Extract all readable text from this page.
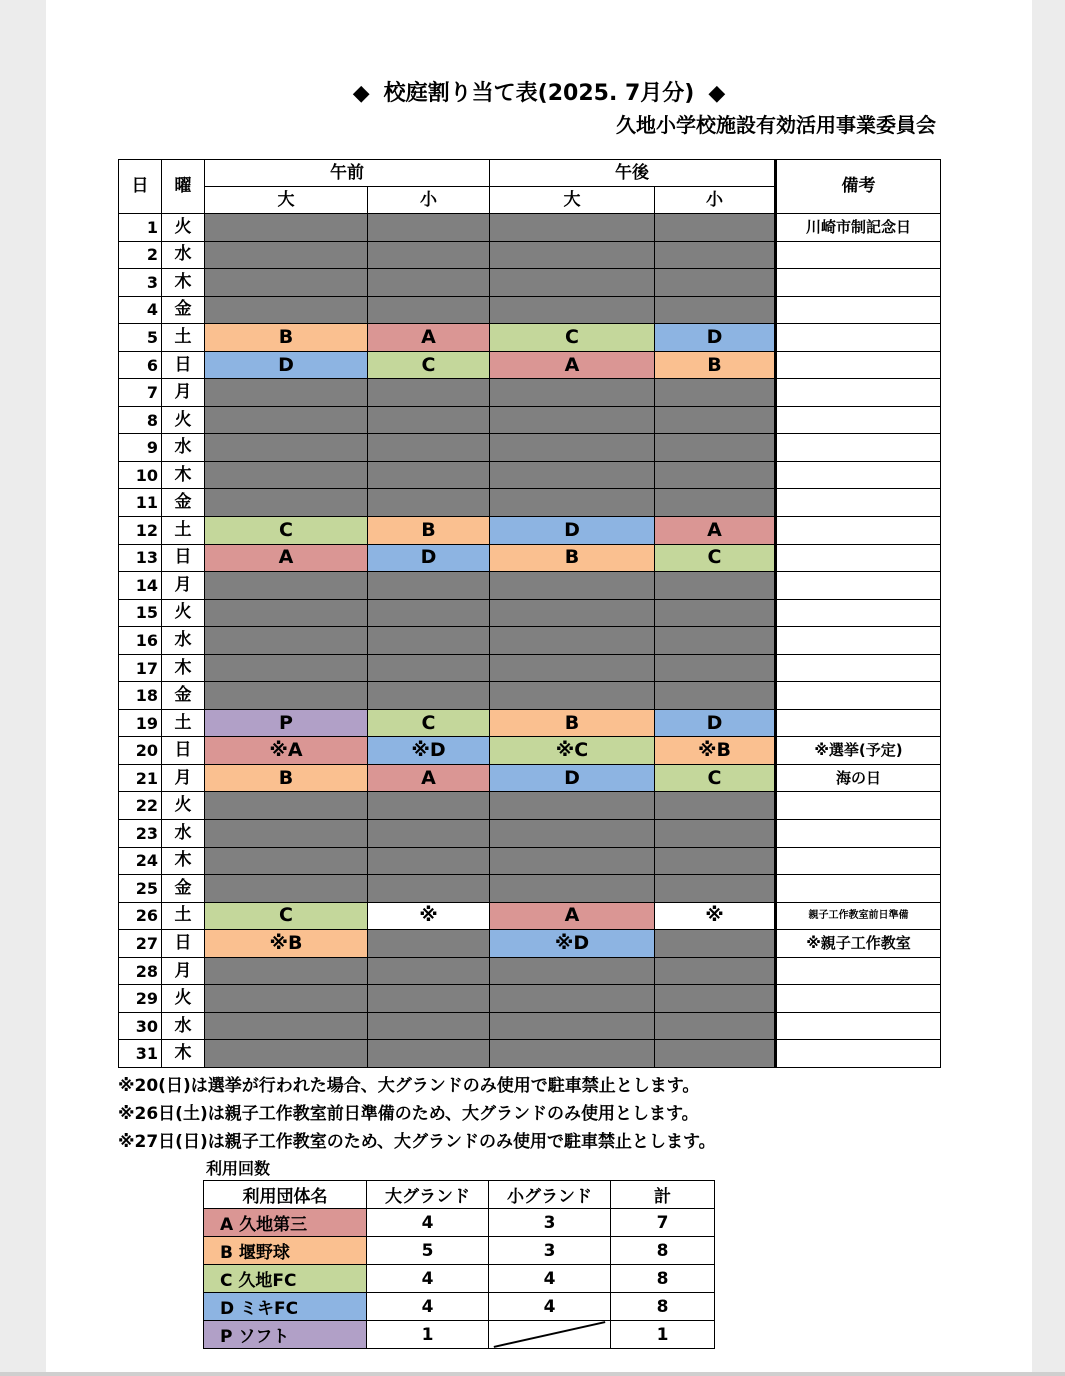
◆ 校庭割り当て表(2025. 7月分) ◆
久地小学校施設有効活用事業委員会
日	曜	午前		午後		備考
		大	小	大	小	
1	火					川崎市制記念日
2	水					
3	木					
4	金					
5	土	B	A	C	D	
6	日	D	C	A	B	
7	月					
8	火					
9	水					
10	木					
11	金					
12	土	C	B	D	A	
13	日	A	D	B	C	
14	月					
15	火					
16	水					
17	木					
18	金					
19	土	P	C	B	D	
20	日	※A	※D	※C	※B	※選挙(予定)
21	月	B	A	D	C	海の日
22	火					
23	水					
24	木					
25	金					
26	土	C	※	A	※	親子工作教室前日準備
27	日	※B		※D		※親子工作教室
28	月					
29	火					
30	水					
31	木					
※20(日)は選挙が行われた場合、大グランドのみ使用で駐車禁止とします。
※26日(土)は親子工作教室前日準備のため、大グランドのみ使用とします。
※27日(日)は親子工作教室のため、大グランドのみ使用で駐車禁止とします。
利用回数
利用団体名	大グランド	小グランド	計
A 久地第三	4	3	7
B 堰野球	5	3	8
C 久地FC	4	4	8
D ミキFC	4	4	8
P ソフト	1		1
